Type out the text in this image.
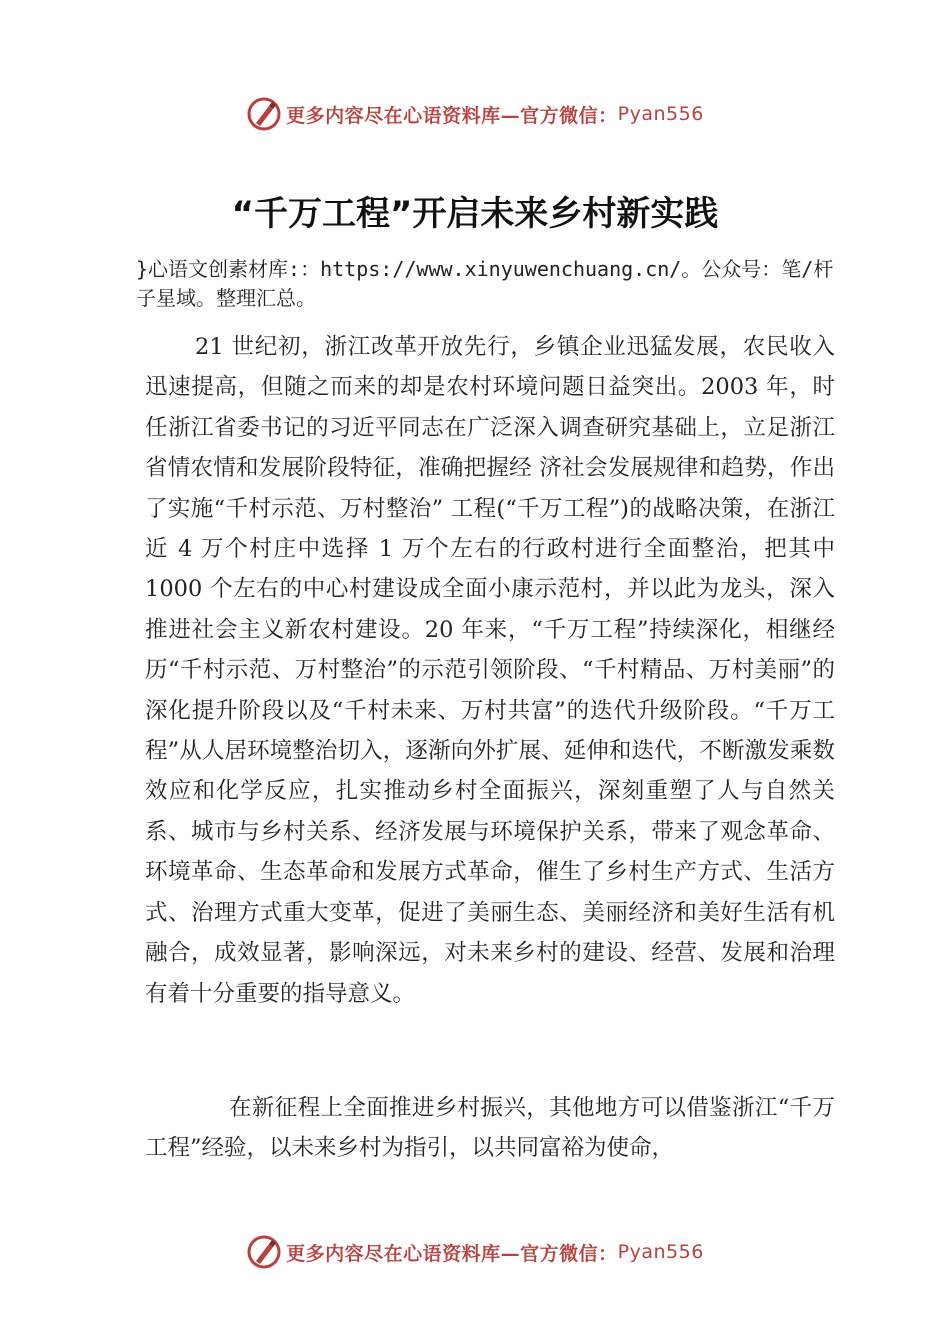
更多内容尽在心语资料库—官方微信： Pyan556
“千万工程”开启未来乡村新实践
}心语文创素材库:：https://www.xinyuwenchuang.cn/。公众号：笔/杆子星域。整理汇总。

21 世纪初，浙江改革开放先行，乡镇企业迅猛发展，农民收入迅速提高，但随之而来的却是农村环境问题日益突出。2003 年，时任浙江省委书记的习近平同志在广泛深入调查研究基础上，立足浙江省情农情和发展阶段特征，准确把握经 济社会发展规律和趋势，作出了实施“千村示范、万村整治” 工程(“千万工程”)的战略决策，在浙江近 4 万个村庄中选择 1 万个左右的行政村进行全面整治，把其中 1000 个左右的中心村建设成全面小康示范村，并以此为龙头，深入推进社会主义新农村建设。20 年来，“千万工程”持续深化，相继经历“千村示范、万村整治”的示范引领阶段、“千村精品、万村美丽”的深化提升阶段以及“千村未来、万村共富”的迭代升级阶段。“千万工程”从人居环境整治切入，逐渐向外扩展、延伸和迭代，不断激发乘数效应和化学反应，扎实推动乡村全面振兴，深刻重塑了人与自然关系、城市与乡村关系、经济发展与环境保护关系，带来了观念革命、环境革命、生态革命和发展方式革命，催生了乡村生产方式、生活方式、治理方式重大变革，促进了美丽生态、美丽经济和美好生活有机融合，成效显著，影响深远，对未来乡村的建设、经营、发展和治理有着十分重要的指导意义。

在新征程上全面推进乡村振兴，其他地方可以借鉴浙江“千万工程”经验，以未来乡村为指引，以共同富裕为使命，

更多内容尽在心语资料库—官方微信： Pyan556
